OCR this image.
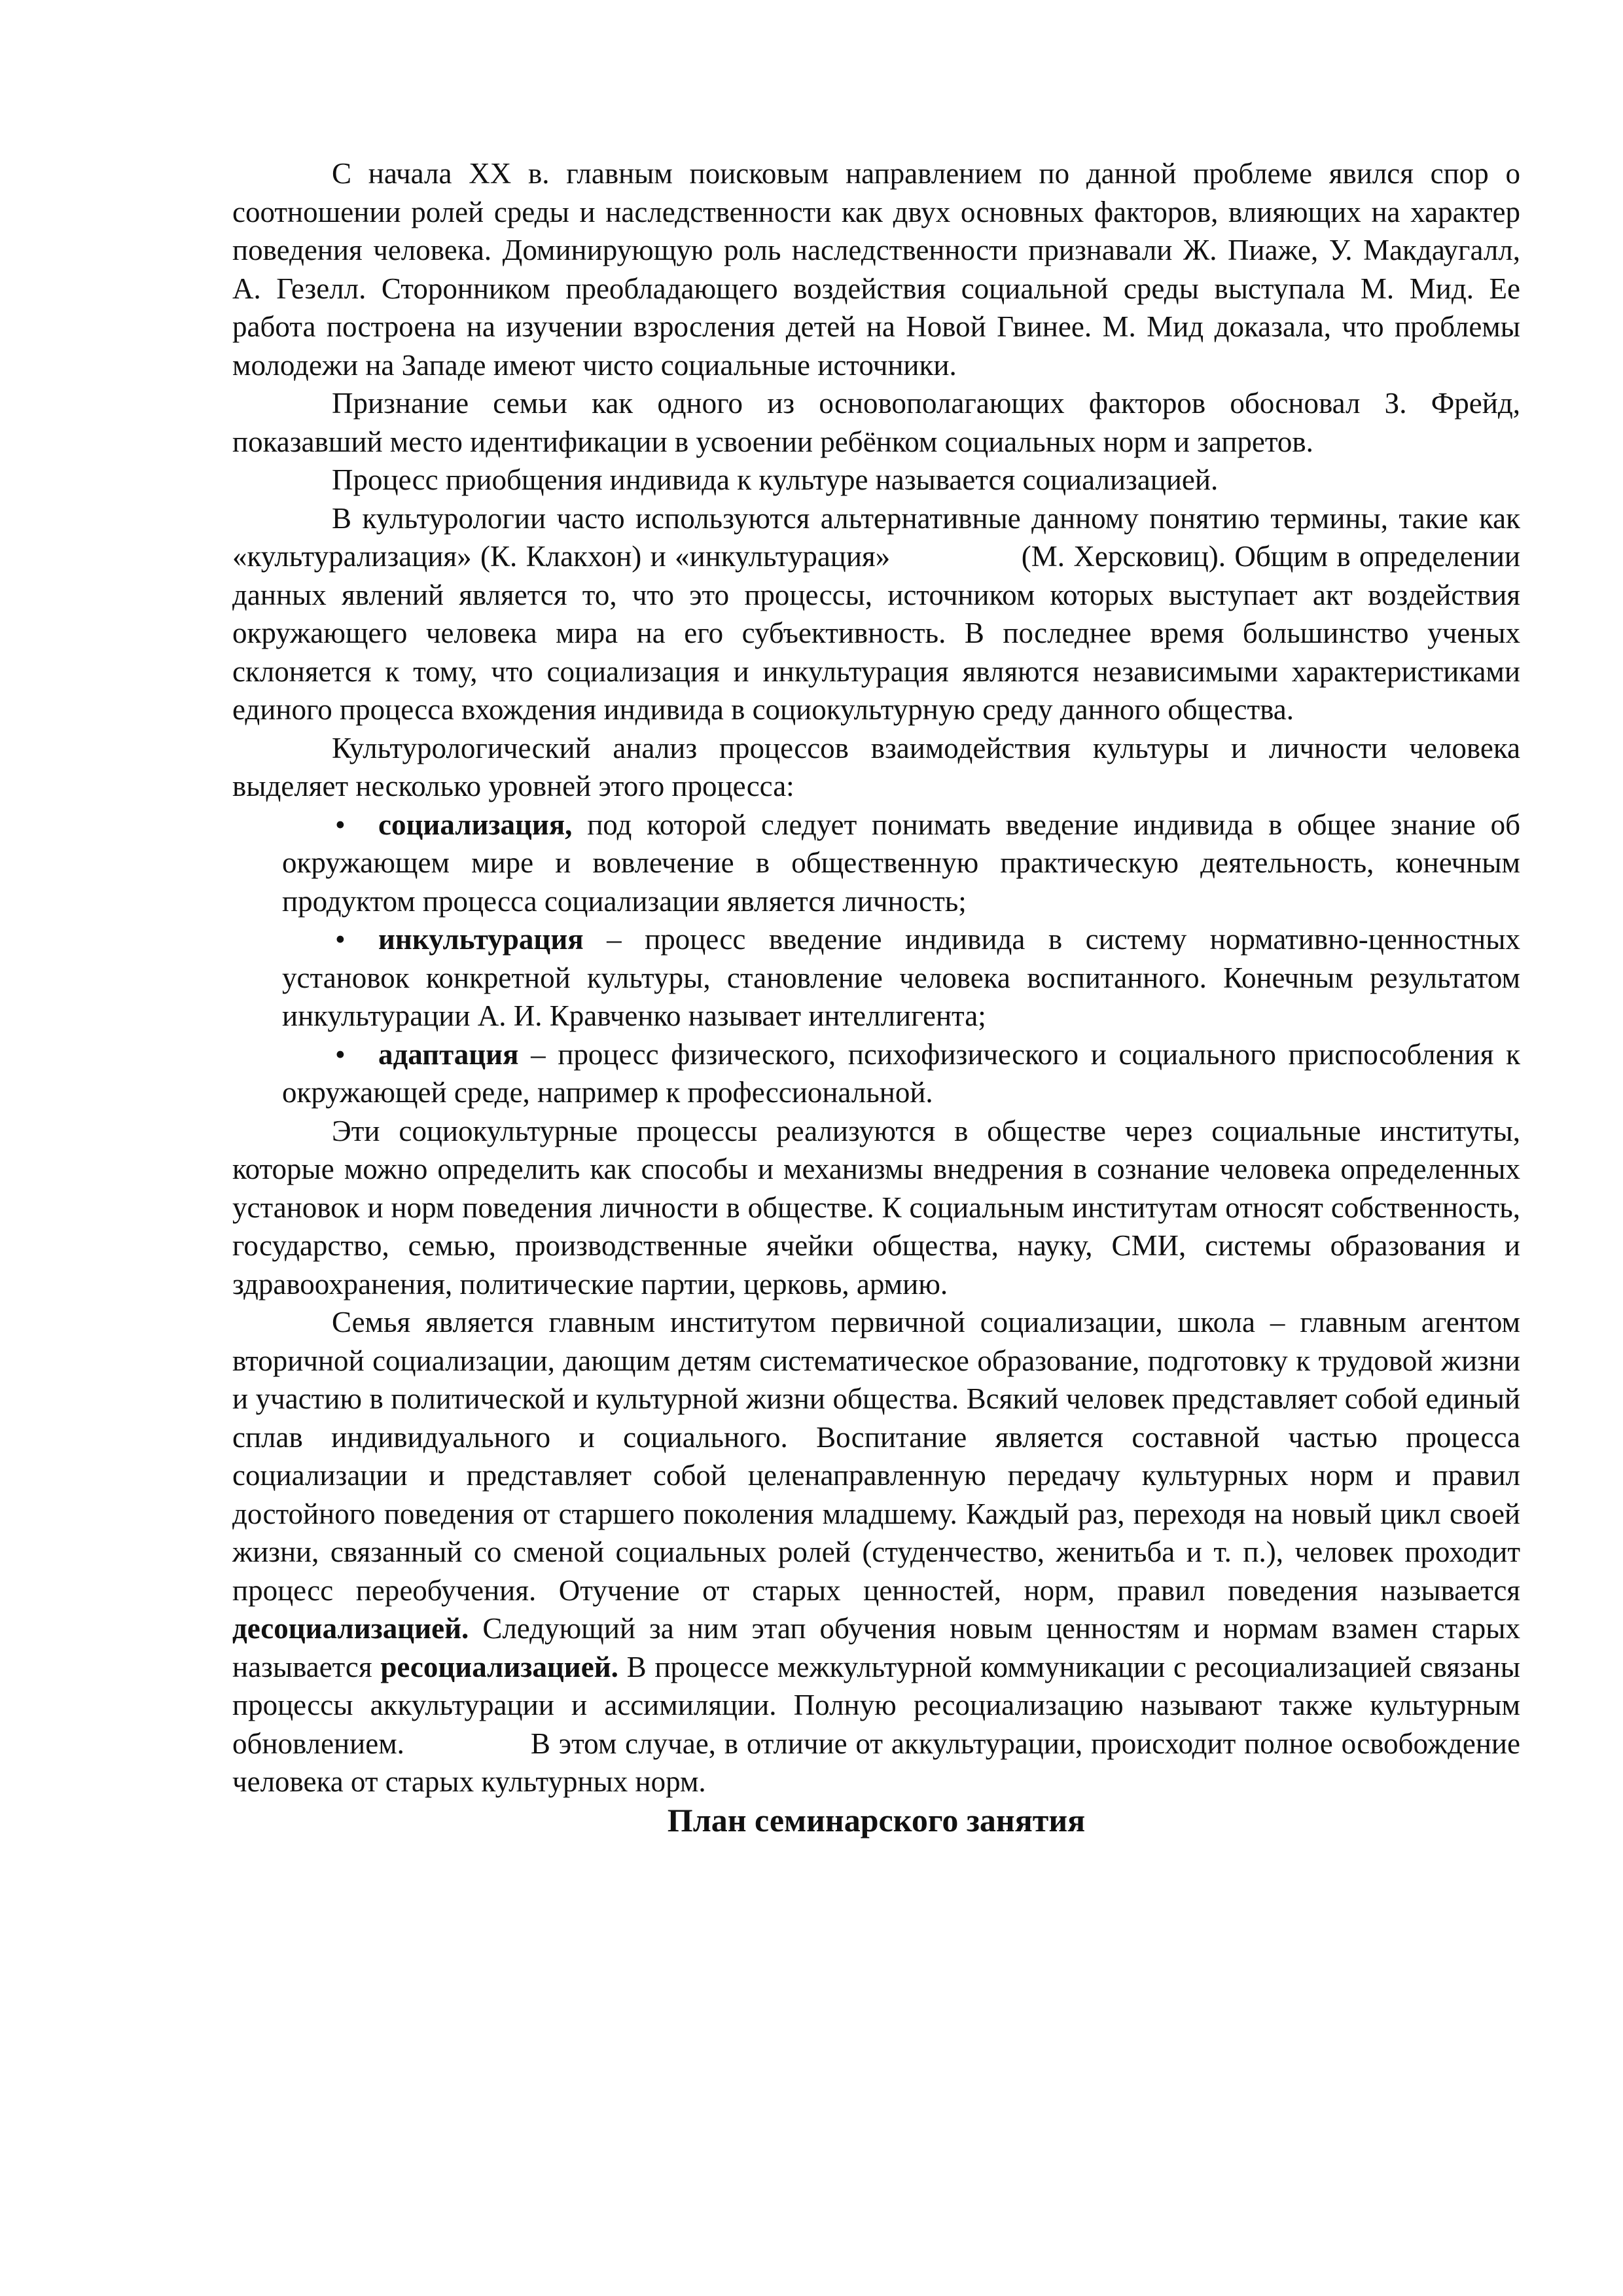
С начала XX в. главным поисковым направлением по данной проблеме явился спор о соотношении ролей среды и наследственности как двух основных факторов, влияющих на характер поведения человека. Доминирующую роль наследственности признавали Ж. Пиаже, У. Макдаугалл, А. Гезелл. Сторонником преобладающего воздействия социальной среды выступала М. Мид. Ее работа построена на изучении взросления детей на Новой Гвинее. М. Мид доказала, что проблемы молодежи на Западе имеют чисто социальные источники.

Признание семьи как одного из основополагающих факторов обосновал З. Фрейд, показавший место идентификации в усвоении ребёнком социальных норм и запретов.

Процесс приобщения индивида к культуре называется социализацией.

В культурологии часто используются альтернативные данному понятию термины, такие как «культурализация» (К. Клакхон) и «инкультурация»               (М. Херсковиц). Общим в определении данных явлений является то, что это процессы, источником которых выступает акт воздействия окружающего человека мира на его субъективность. В последнее время большинство ученых склоняется к тому, что социализация и инкультурация являются независимыми характеристиками единого процесса вхождения индивида в социокультурную среду данного общества.

Культурологический анализ процессов взаимодействия культуры и личности человека выделяет несколько уровней этого процесса:

• социализация, под которой следует понимать введение индивида в общее знание об    окружающем мире и вовлечение в общественную практическую деятельность, конечным продуктом процесса социализации является личность;
• инкультурация – процесс введение индивида в систему нормативно-ценностных   установок конкретной культуры, становление человека воспитанного. Конечным результатом инкультурации А. И. Кравченко называет интеллигента;
• адаптация – процесс физического, психофизического и социального приспособления к окружающей среде, например к профессиональной.

Эти социокультурные процессы реализуются в обществе через социальные институты, которые можно определить как способы и механизмы внедрения в сознание человека определенных установок и норм поведения личности в обществе. К социальным институтам относят собственность, государство, семью, производственные ячейки общества, науку, СМИ, системы образования и здравоохранения, политические партии, церковь, армию.

Семья является главным институтом первичной социализации, школа – главным агентом вторичной социализации, дающим детям систематическое образование, подготовку к трудовой жизни и участию в политической и культурной жизни общества. Всякий человек представляет собой единый сплав индивидуального и социального. Воспитание является составной частью процесса социализации и представляет собой целенаправленную передачу культурных норм и правил достойного поведения от старшего поколения младшему. Каждый раз, переходя на новый цикл своей жизни, связанный со сменой социальных ролей (студенчество, женитьба и т. п.), человек проходит процесс переобучения. Отучение от старых ценностей, норм, правил поведения называется десоциализацией. Следующий за ним этап обучения новым ценностям и нормам взамен старых называется ресоциализацией. В процессе межкультурной коммуникации с ресоциализацией связаны процессы аккультурации и ассимиляции. Полную ресоциализацию называют также культурным обновлением.               В этом случае, в отличие от аккультурации, происходит полное освобождение человека от старых культурных норм.

План семинарского занятия
